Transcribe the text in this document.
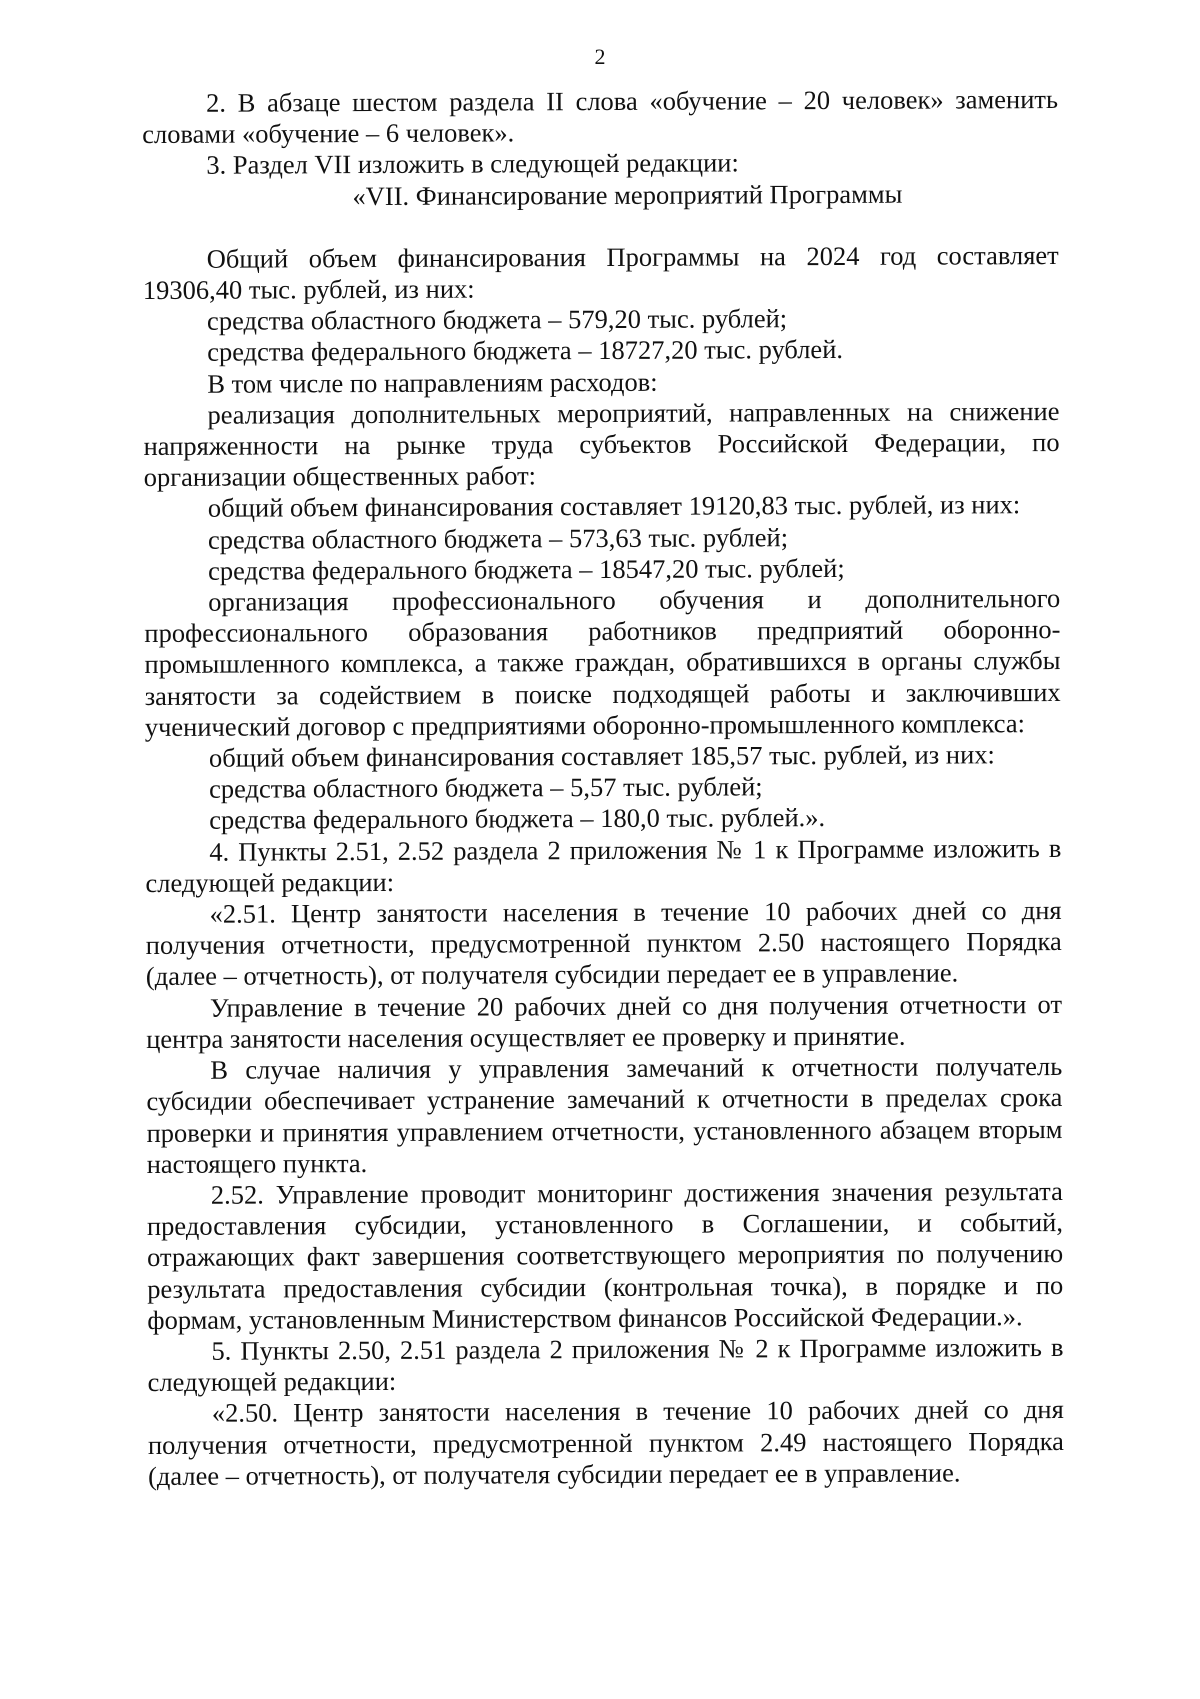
2

2. В абзаце шестом раздела II слова «обучение – 20 человек» заменить словами «обучение – 6 человек».

3. Раздел VII изложить в следующей редакции:

«VII. Финансирование мероприятий Программы

Общий объем финансирования Программы на 2024 год составляет 19306,40 тыс. рублей, из них:

средства областного бюджета – 579,20 тыс. рублей;

средства федерального бюджета – 18727,20 тыс. рублей.

В том числе по направлениям расходов:

реализация дополнительных мероприятий, направленных на снижение напряженности на рынке труда субъектов Российской Федерации, по организации общественных работ:

общий объем финансирования составляет 19120,83 тыс. рублей, из них:

средства областного бюджета – 573,63 тыс. рублей;

средства федерального бюджета – 18547,20 тыс. рублей;

организация профессионального обучения и дополнительного профессионального образования работников предприятий оборонно-промышленного комплекса, а также граждан, обратившихся в органы службы занятости за содействием в поиске подходящей работы и заключивших ученический договор с предприятиями оборонно-промышленного комплекса:

общий объем финансирования составляет 185,57 тыс. рублей, из них:

средства областного бюджета – 5,57 тыс. рублей;

средства федерального бюджета – 180,0 тыс. рублей.».

4. Пункты 2.51, 2.52 раздела 2 приложения № 1 к Программе изложить в следующей редакции:

«2.51. Центр занятости населения в течение 10 рабочих дней со дня получения отчетности, предусмотренной пунктом 2.50 настоящего Порядка (далее – отчетность), от получателя субсидии передает ее в управление.

Управление в течение 20 рабочих дней со дня получения отчетности от центра занятости населения осуществляет ее проверку и принятие.

В случае наличия у управления замечаний к отчетности получатель субсидии обеспечивает устранение замечаний к отчетности в пределах срока проверки и принятия управлением отчетности, установленного абзацем вторым настоящего пункта.

2.52. Управление проводит мониторинг достижения значения результата предоставления субсидии, установленного в Соглашении, и событий, отражающих факт завершения соответствующего мероприятия по получению результата предоставления субсидии (контрольная точка), в порядке и по формам, установленным Министерством финансов Российской Федерации.».

5. Пункты 2.50, 2.51 раздела 2 приложения № 2 к Программе изложить в следующей редакции:

«2.50. Центр занятости населения в течение 10 рабочих дней со дня получения отчетности, предусмотренной пунктом 2.49 настоящего Порядка (далее – отчетность), от получателя субсидии передает ее в управление.
